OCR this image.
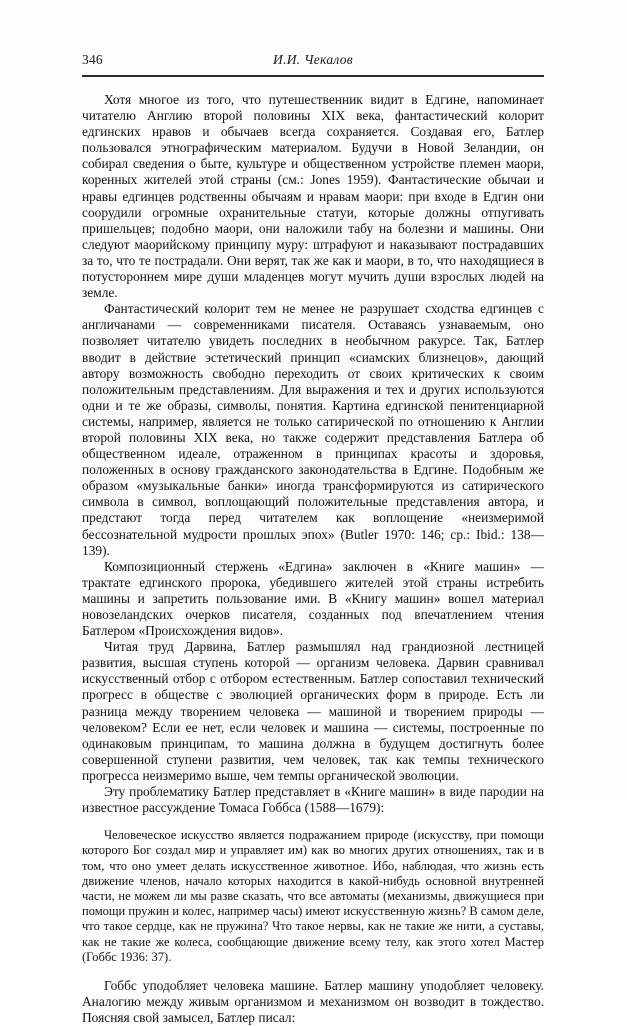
346	И.И. Чекалов

Хотя многое из того, что путешественник видит в Едгине, напоминает читателю Англию второй половины XIX века, фантастический колорит едгинских нравов и обычаев всегда сохраняется. Создавая его, Батлер пользовался этнографическим материалом. Будучи в Новой Зеландии, он собирал сведения о быте, культуре и общественном устройстве племен маори, коренных жителей этой страны (см.: Jones 1959). Фантастические обычаи и нравы едгинцев родственны обычаям и нравам маори: при входе в Едгин они соорудили огромные охранительные статуи, которые должны отпугивать пришельцев; подобно маори, они наложили табу на болезни и машины. Они следуют маорийскому принципу муру: штрафуют и наказывают пострадавших за то, что те пострадали. Они верят, так же как и маори, в то, что находящиеся в потустороннем мире души младенцев могут мучить души взрослых людей на земле.

Фантастический колорит тем не менее не разрушает сходства едгинцев с англичанами — современниками писателя. Оставаясь узнаваемым, оно позволяет читателю увидеть последних в необычном ракурсе. Так, Батлер вводит в действие эстетический принцип «сиамских близнецов», дающий автору возможность свободно переходить от своих критических к своим положительным представлениям. Для выражения и тех и других используются одни и те же образы, символы, понятия. Картина едгинской пенитенциарной системы, например, является не только сатирической по отношению к Англии второй половины XIX века, но также содержит представления Батлера об общественном идеале, отраженном в принципах красоты и здоровья, положенных в основу гражданского законодательства в Едгине. Подобным же образом «музыкальные банки» иногда трансформируются из сатирического символа в символ, воплощающий положительные представления автора, и предстают тогда перед читателем как воплощение «неизмеримой бессознательной мудрости прошлых эпох» (Butler 1970: 146; ср.: Ibid.: 138—139).

Композиционный стержень «Едгина» заключен в «Книге машин» — трактате едгинского пророка, убедившего жителей этой страны истребить машины и запретить пользование ими. В «Книгу машин» вошел материал новозеландских очерков писателя, созданных под впечатлением чтения Батлером «Происхождения видов».

Читая труд Дарвина, Батлер размышлял над грандиозной лестницей развития, высшая ступень которой — организм человека. Дарвин сравнивал искусственный отбор с отбором естественным. Батлер сопоставил технический прогресс в обществе с эволюцией органических форм в природе. Есть ли разница между творением человека — машиной и творением природы — человеком? Если ее нет, если человек и машина — системы, построенные по одинаковым принципам, то машина должна в будущем достигнуть более совершенной ступени развития, чем человек, так как темпы технического прогресса неизмеримо выше, чем темпы органической эволюции.

Эту проблематику Батлер представляет в «Книге машин» в виде пародии на известное рассуждение Томаса Гоббса (1588—1679):

Человеческое искусство является подражанием природе (искусству, при помощи которого Бог создал мир и управляет им) как во многих других отношениях, так и в том, что оно умеет делать искусственное животное. Ибо, наблюдая, что жизнь есть движение членов, начало которых находится в какой-нибудь основной внутренней части, не можем ли мы разве сказать, что все автоматы (механизмы, движущиеся при помощи пружин и колес, например часы) имеют искусственную жизнь? В самом деле, что такое сердце, как не пружина? Что такое нервы, как не такие же нити, а суставы, как не такие же колеса, сообщающие движение всему телу, как этого хотел Мастер (Гоббс 1936: 37).

Гоббс уподобляет человека машине. Батлер машину уподобляет человеку. Аналогию между живым организмом и механизмом он возводит в тождество. Поясняя свой замысел, Батлер писал:
